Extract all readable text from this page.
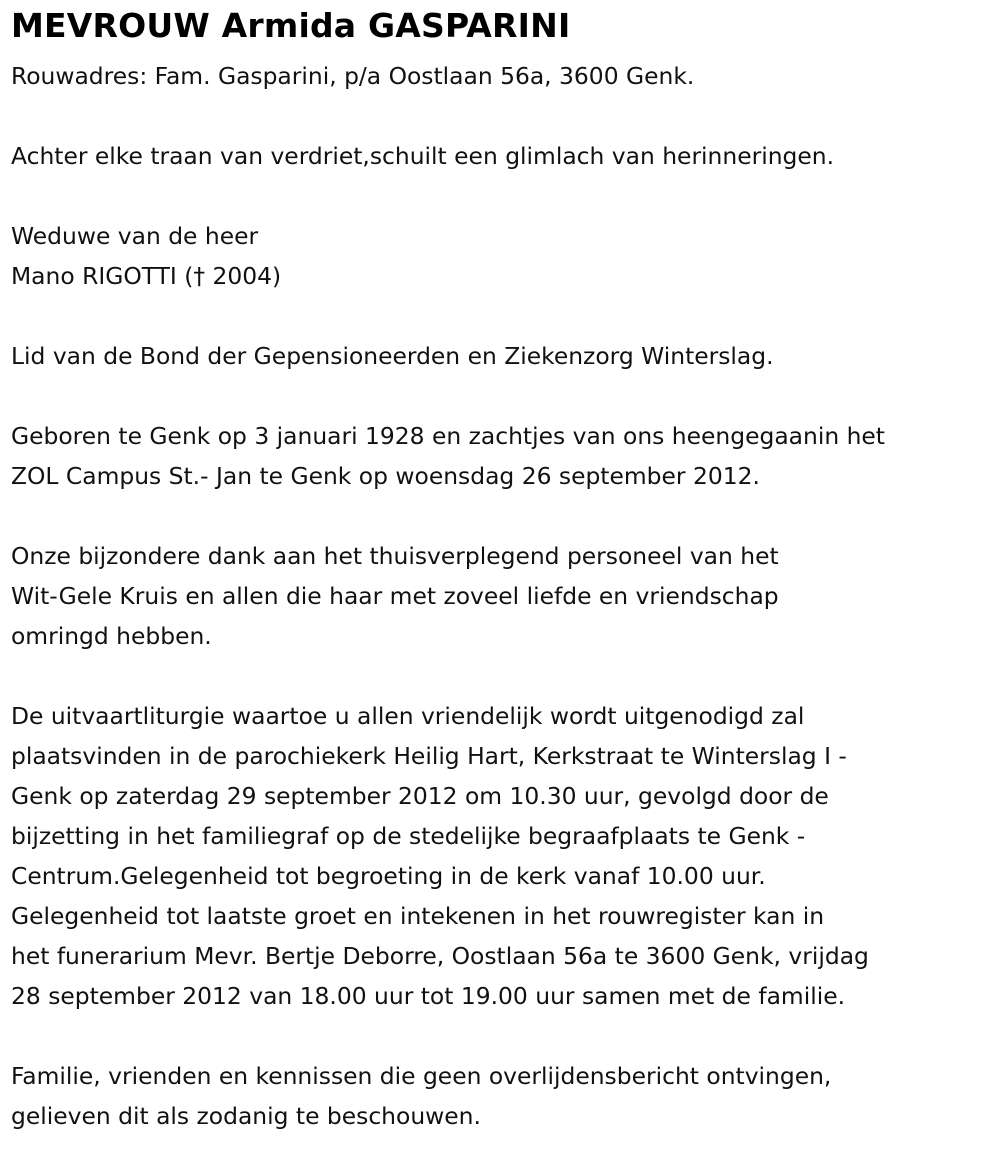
MEVROUW Armida GASPARINI

Rouwadres: Fam. Gasparini, p/a Oostlaan 56a, 3600 Genk.

Achter elke traan van verdriet,schuilt een glimlach van herinneringen.

Weduwe van de heer
Mano RIGOTTI († 2004)

Lid van de Bond der Gepensioneerden en Ziekenzorg Winterslag.

Geboren te Genk op 3 januari 1928 en zachtjes van ons heengegaanin het
ZOL Campus St.- Jan te Genk op woensdag 26 september 2012.

Onze bijzondere dank aan het thuisverplegend personeel van het
Wit-Gele Kruis en allen die haar met zoveel liefde en vriendschap
omringd hebben.

De uitvaartliturgie waartoe u allen vriendelijk wordt uitgenodigd zal
plaatsvinden in de parochiekerk Heilig Hart, Kerkstraat te Winterslag I -
Genk op zaterdag 29 september 2012 om 10.30 uur, gevolgd door de
bijzetting in het familiegraf op de stedelijke begraafplaats te Genk -
Centrum.Gelegenheid tot begroeting in de kerk vanaf 10.00 uur.
Gelegenheid tot laatste groet en intekenen in het rouwregister kan in
het funerarium Mevr. Bertje Deborre, Oostlaan 56a te 3600 Genk, vrijdag
28 september 2012 van 18.00 uur tot 19.00 uur samen met de familie.

Familie, vrienden en kennissen die geen overlijdensbericht ontvingen,
gelieven dit als zodanig te beschouwen.
